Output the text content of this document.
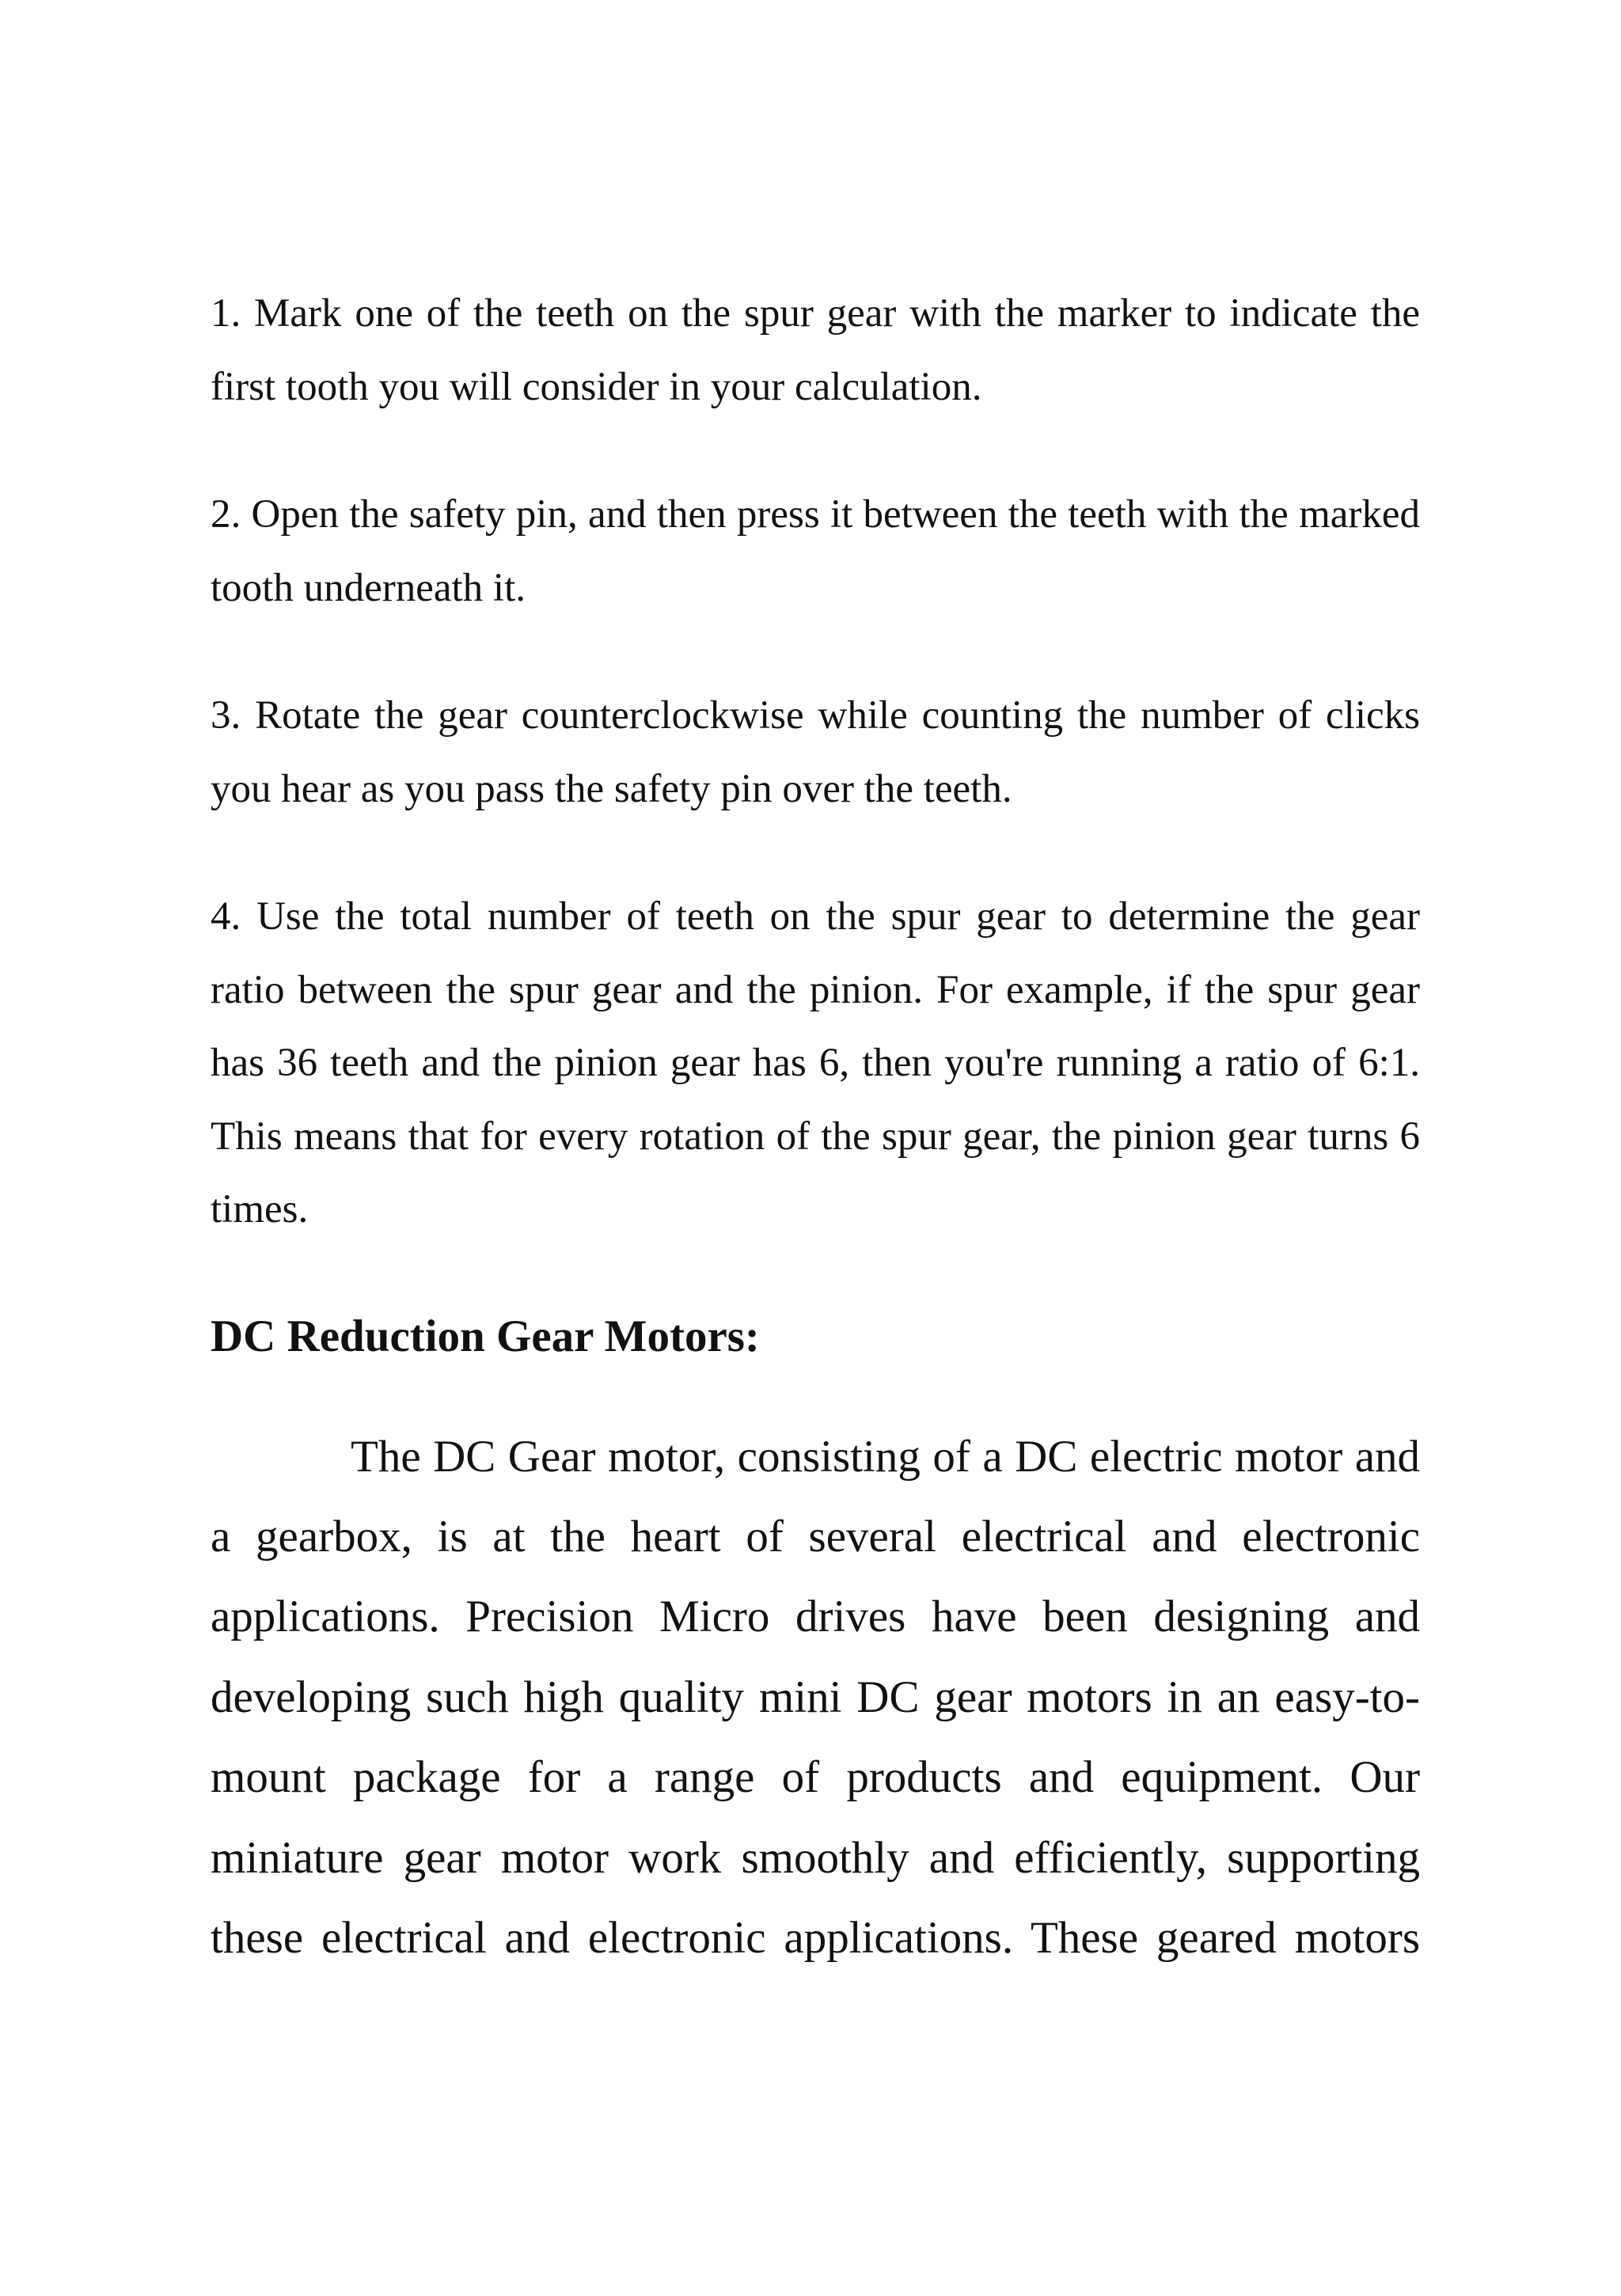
1. Mark one of the teeth on the spur gear with the marker to indicate the first tooth you will consider in your calculation.

2. Open the safety pin, and then press it between the teeth with the marked tooth underneath it.

3. Rotate the gear counterclockwise while counting the number of clicks you hear as you pass the safety pin over the teeth.

4. Use the total number of teeth on the spur gear to determine the gear ratio between the spur gear and the pinion. For example, if the spur gear has 36 teeth and the pinion gear has 6, then you're running a ratio of 6:1. This means that for every rotation of the spur gear, the pinion gear turns 6 times.

DC Reduction Gear Motors:

The DC Gear motor, consisting of a DC electric motor and a gearbox, is at the heart of several electrical and electronic applications. Precision Micro drives have been designing and developing such high quality mini DC gear motors in an easy-to-mount package for a range of products and equipment. Our miniature gear motor work smoothly and efficiently, supporting these electrical and electronic applications. These geared motors
